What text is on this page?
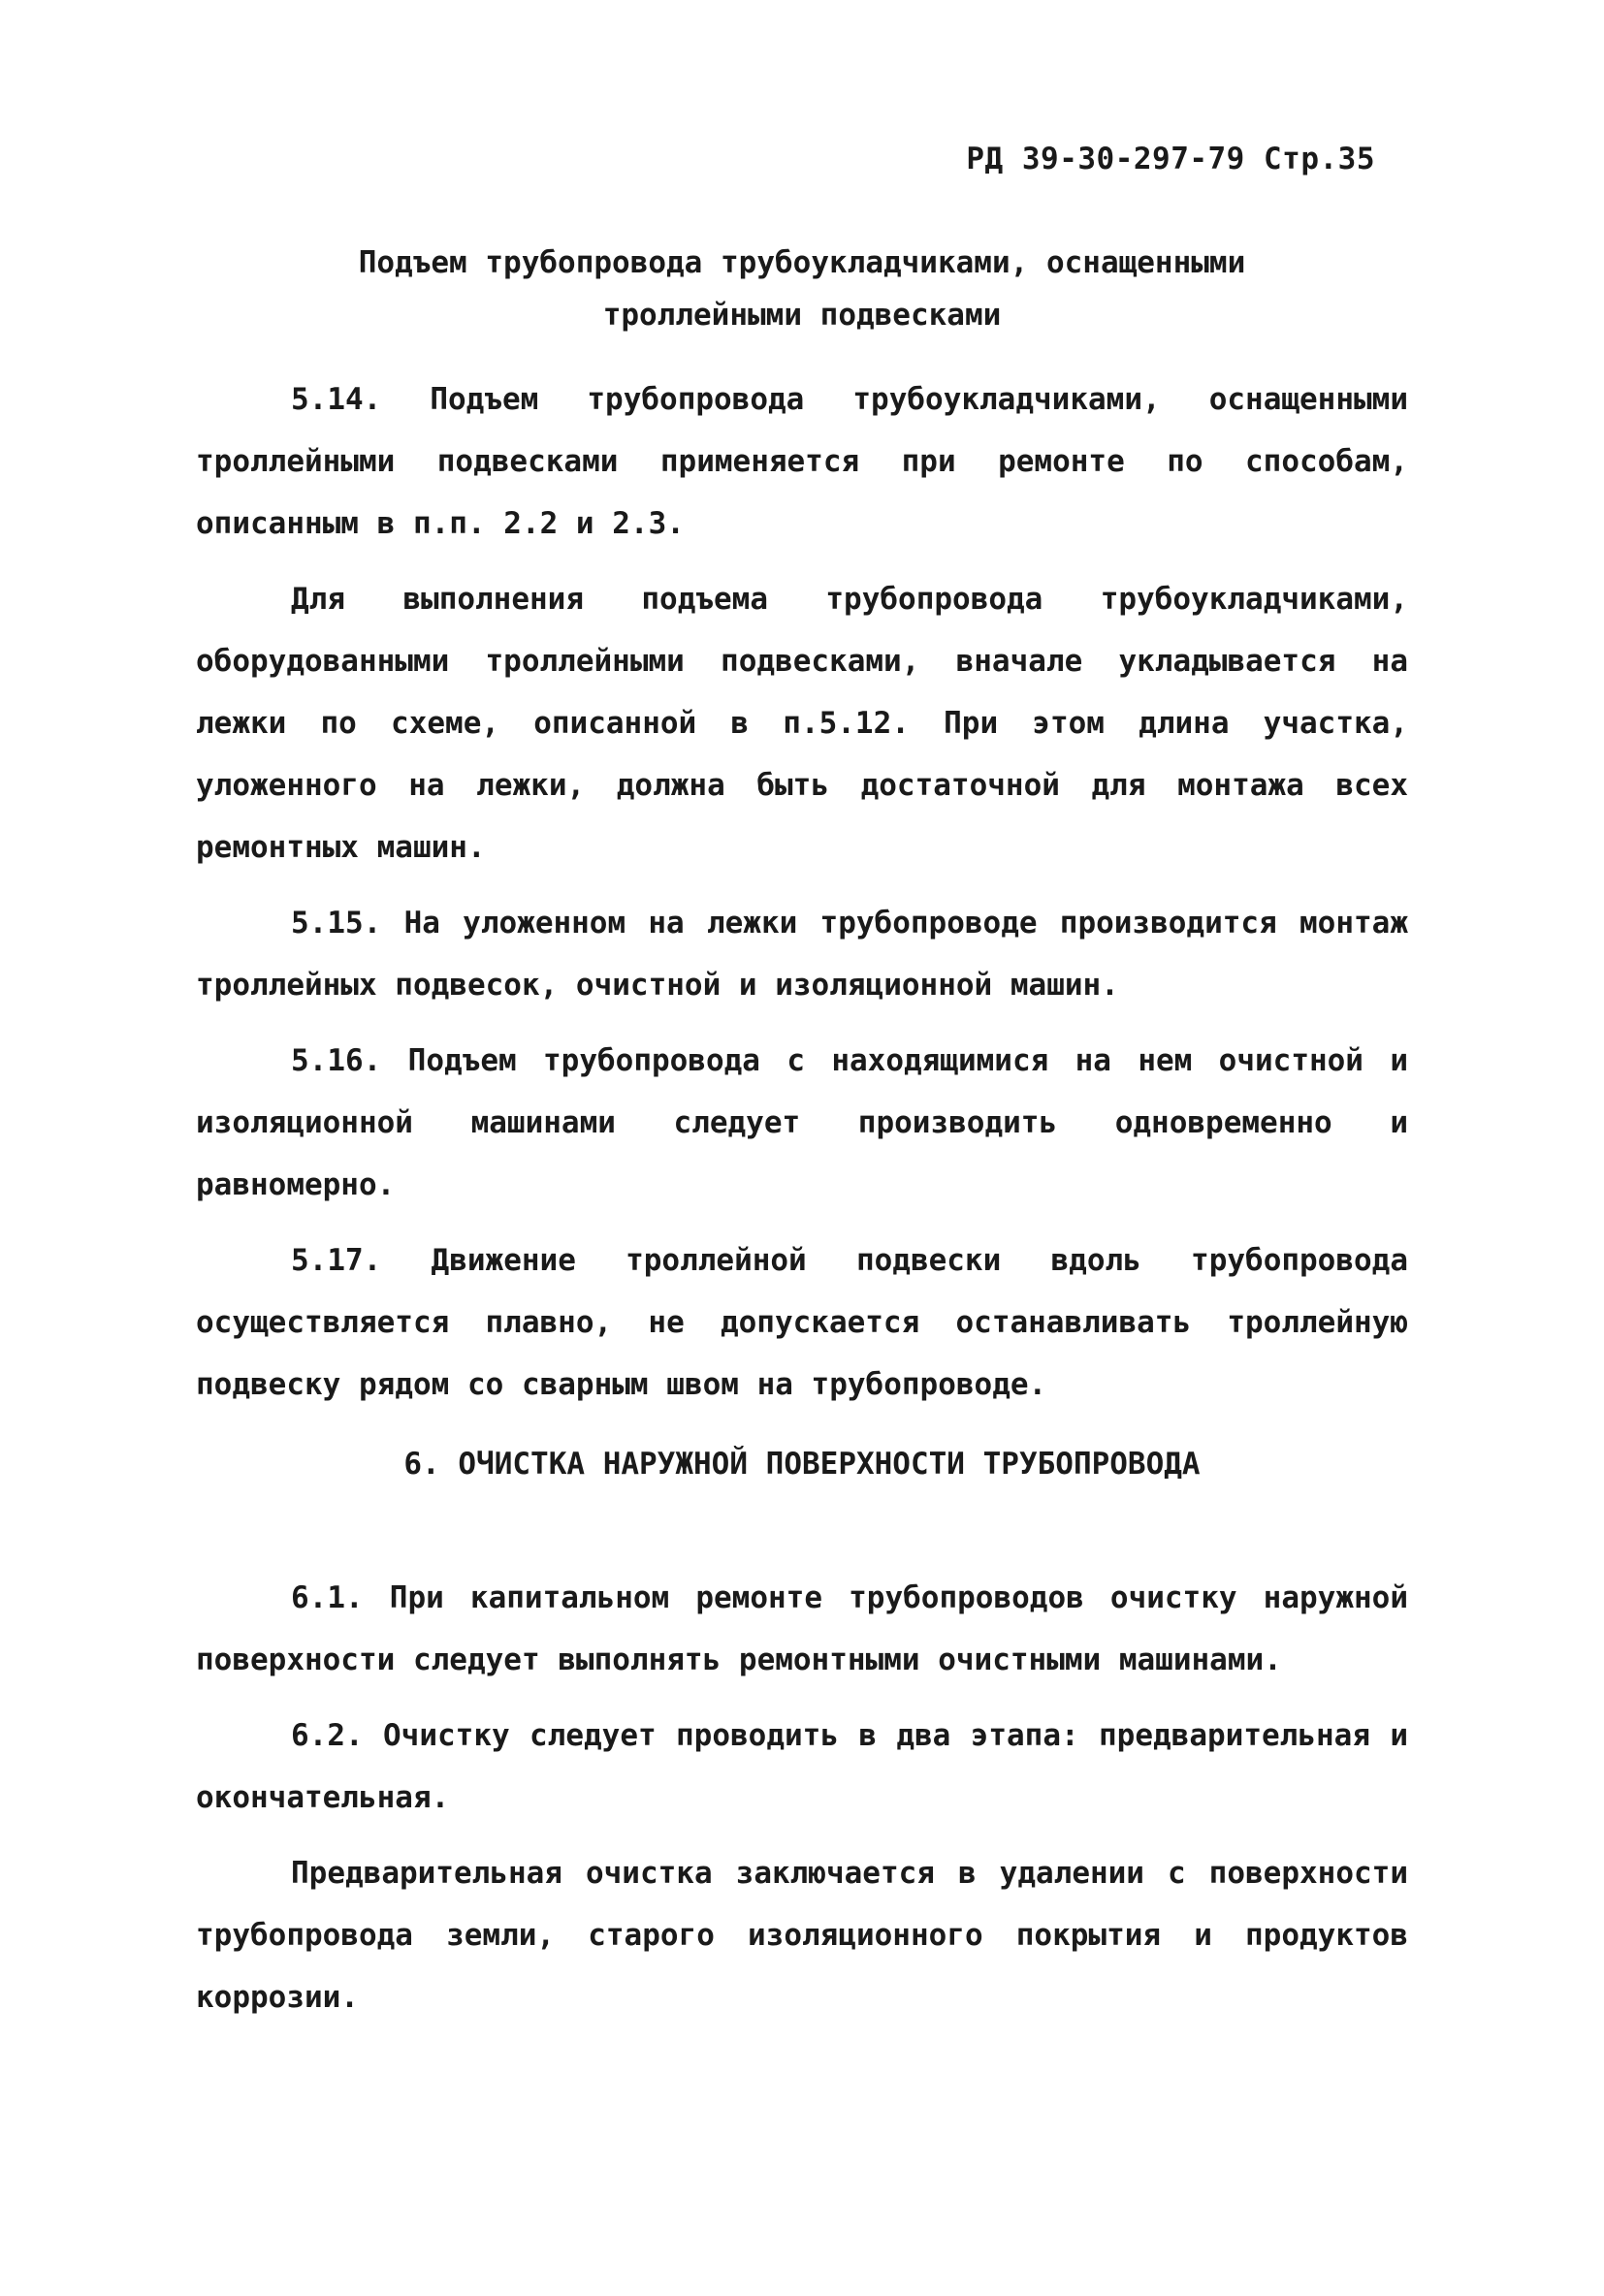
РД 39-30-297-79 Стр.35
Подъем трубопровода трубоукладчиками, оснащенными
троллейными подвесками

5.14. Подъем трубопровода трубоукладчиками, оснащенными троллейными подвесками применяется при ремонте по способам, описанным в п.п. 2.2 и 2.3.

Для выполнения подъема трубопровода трубоукладчиками, оборудованными троллейными подвесками, вначале укладывается на лежки по схеме, описанной в п.5.12. При этом длина участка, уложенного на лежки, должна быть достаточной для монтажа всех ремонтных машин.

5.15. На уложенном на лежки трубопроводе производится монтаж троллейных подвесок, очистной и изоляционной машин.

5.16. Подъем трубопровода с находящимися на нем очистной и изоляционной машинами следует производить одновременно и равномерно.

5.17. Движение троллейной подвески вдоль трубопровода осуществляется плавно, не допускается останавливать троллейную подвеску рядом со сварным швом на трубопроводе.

6. ОЧИСТКА НАРУЖНОЙ ПОВЕРХНОСТИ ТРУБОПРОВОДА

6.1. При капитальном ремонте трубопроводов очистку наружной поверхности следует выполнять ремонтными очистными машинами.

6.2. Очистку следует проводить в два этапа: предварительная и окончательная.

Предварительная очистка заключается в удалении с поверхности трубопровода земли, старого изоляционного покрытия и продуктов коррозии.
